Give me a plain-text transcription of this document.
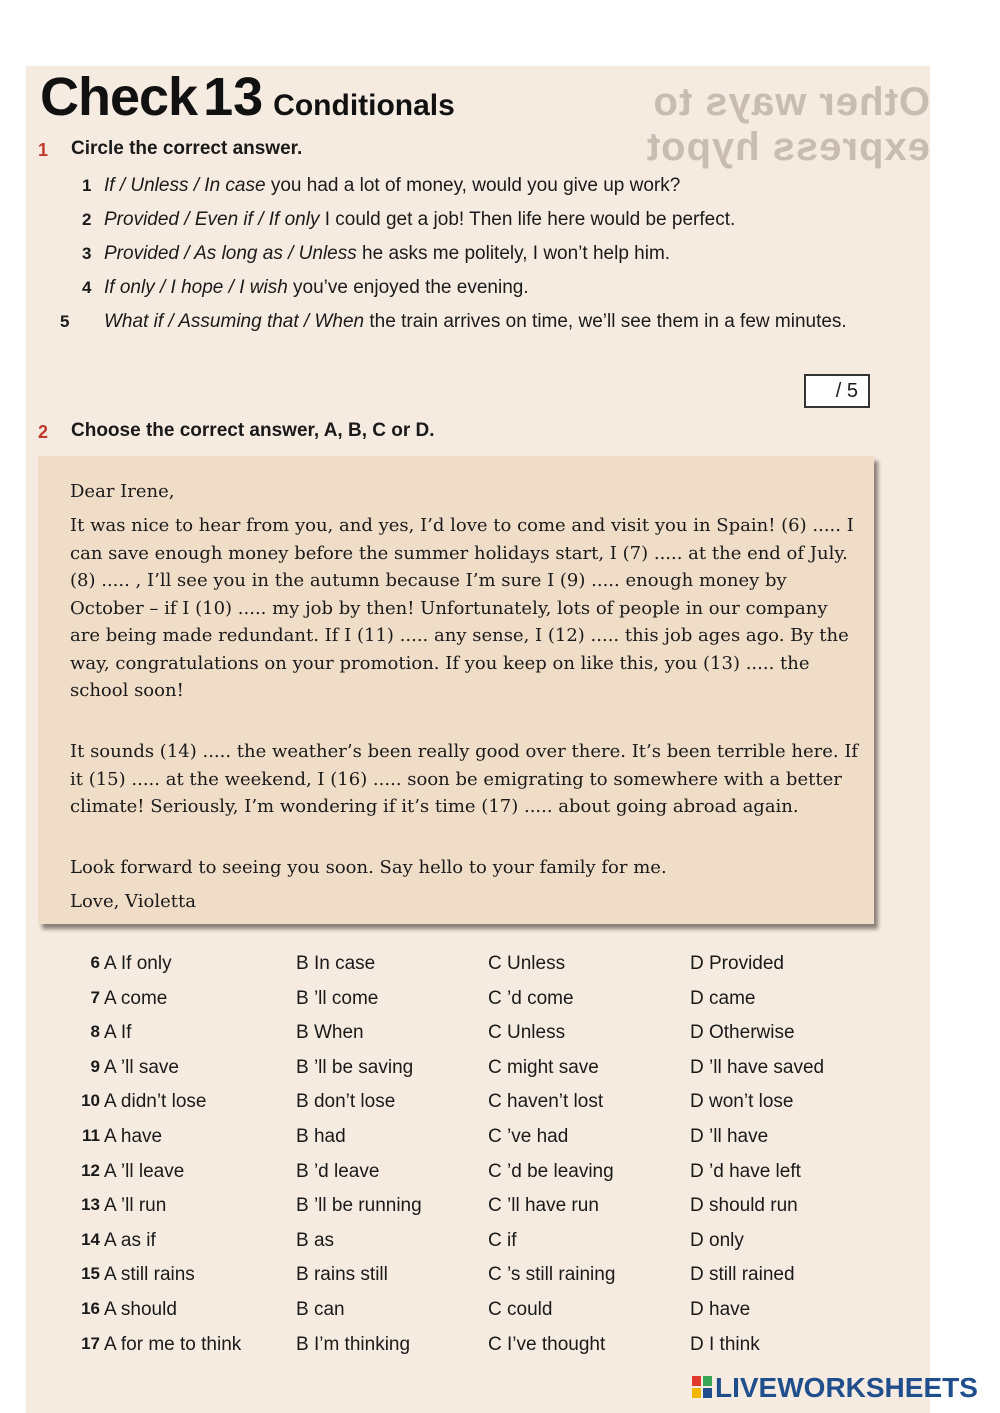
Other ways to express hypot
Check 13 Conditionals
1 Circle the correct answer.
1 If / Unless / In case you had a lot of money, would you give up work?
2 Provided / Even if / If only I could get a job! Then life here would be perfect.
3 Provided / As long as / Unless he asks me politely, I won’t help him.
4 If only / I hope / I wish you’ve enjoyed the evening.
5 What if / Assuming that / When the train arrives on time, we’ll see them in a few minutes.
/ 5
2 Choose the correct answer, A, B, C or D.
Dear Irene,
It was nice to hear from you, and yes, I’d love to come and visit you in Spain! (6) ..... I can save enough money before the summer holidays start, I (7) ..... at the end of July. (8) ..... , I’ll see you in the autumn because I’m sure I (9) ..... enough money by October – if I (10) ..... my job by then! Unfortunately, lots of people in our company are being made redundant. If I (11) ..... any sense, I (12) ..... this job ages ago. By the way, congratulations on your promotion. If you keep on like this, you (13) ..... the school soon!
It sounds (14) ..... the weather’s been really good over there. It’s been terrible here. If it (15) ..... at the weekend, I (16) ..... soon be emigrating to somewhere with a better climate! Seriously, I’m wondering if it’s time (17) ..... about going abroad again.
Look forward to seeing you soon. Say hello to your family for me.
Love, Violetta
6 A If only	B In case	C Unless	D Provided
7 A come	B ’ll come	C ’d come	D came
8 A If	B When	C Unless	D Otherwise
9 A ’ll save	B ’ll be saving	C might save	D ’ll have saved
10 A didn’t lose	B don’t lose	C haven’t lost	D won’t lose
11 A have	B had	C ’ve had	D ’ll have
12 A ’ll leave	B ’d leave	C ’d be leaving	D ’d have left
13 A ’ll run	B ’ll be running	C ’ll have run	D should run
14 A as if	B as	C if	D only
15 A still rains	B rains still	C ’s still raining	D still rained
16 A should	B can	C could	D have
17 A for me to think	B I’m thinking	C I’ve thought	D I think
LIVEWORKSHEETS
